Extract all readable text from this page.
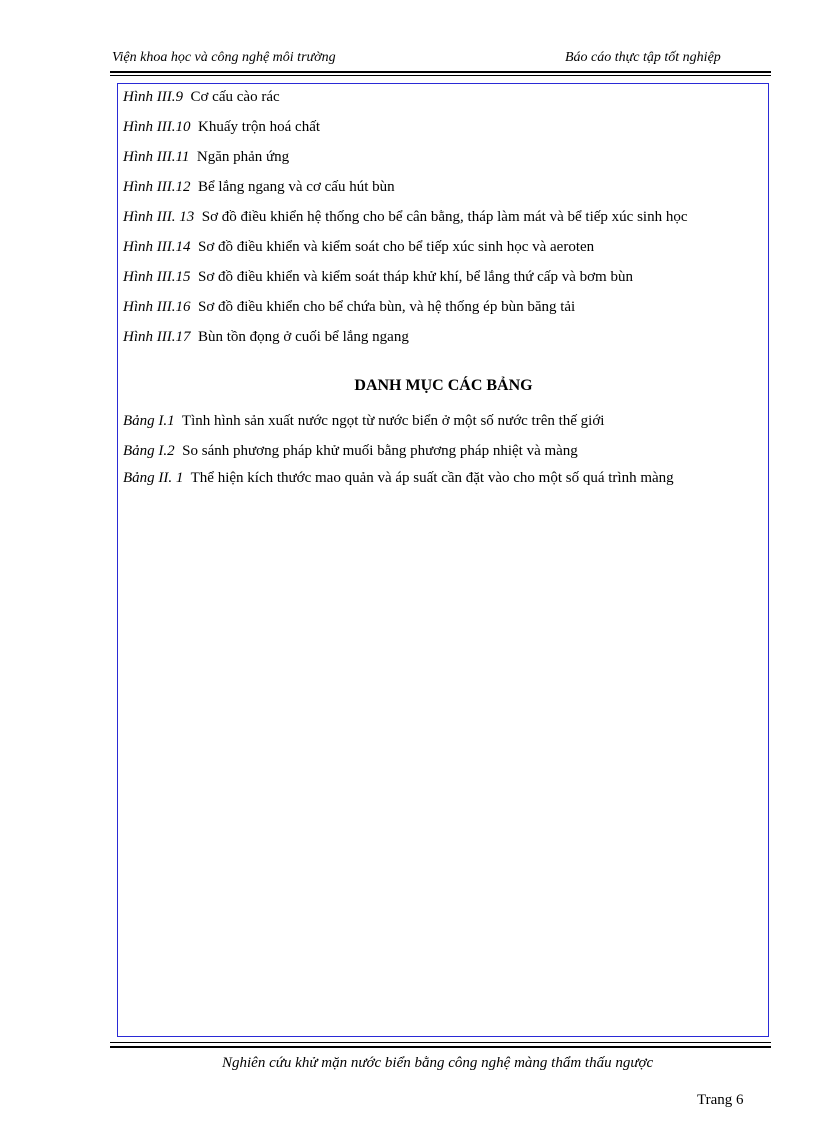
Viện khoa học và công nghệ môi trường	Báo cáo thực tập tốt nghiệp
Hình III.9 Cơ cấu cào rác
Hình III.10 Khuấy trộn hoá chất
Hình III.11 Ngăn phản ứng
Hình III.12 Bể lắng ngang và cơ cấu hút bùn
Hình III. 13 Sơ đồ điều khiển hệ thống cho bể cân bằng, tháp làm mát và bể tiếp xúc sinh học
Hình III.14 Sơ đồ điều khiển và kiểm soát cho bể tiếp xúc sinh học và aeroten
Hình III.15 Sơ đồ điều khiển và kiểm soát tháp khử khí, bể lắng thứ cấp và bơm bùn
Hình III.16 Sơ đồ điều khiển cho bể chứa bùn, và hệ thống ép bùn băng tải
Hình III.17 Bùn tồn đọng ở cuối bể lắng ngang
DANH MỤC CÁC BẢNG
Bảng I.1 Tình hình sản xuất nước ngọt từ nước biển ở một số nước trên thế giới
Bảng I.2 So sánh phương pháp khử muối bằng phương pháp nhiệt và màng
Bảng II. 1 Thể hiện kích thước mao quản và áp suất cần đặt vào cho một số quá trình màng
Nghiên cứu khử mặn nước biển bằng công nghệ màng thẩm thấu ngược
Trang 6
